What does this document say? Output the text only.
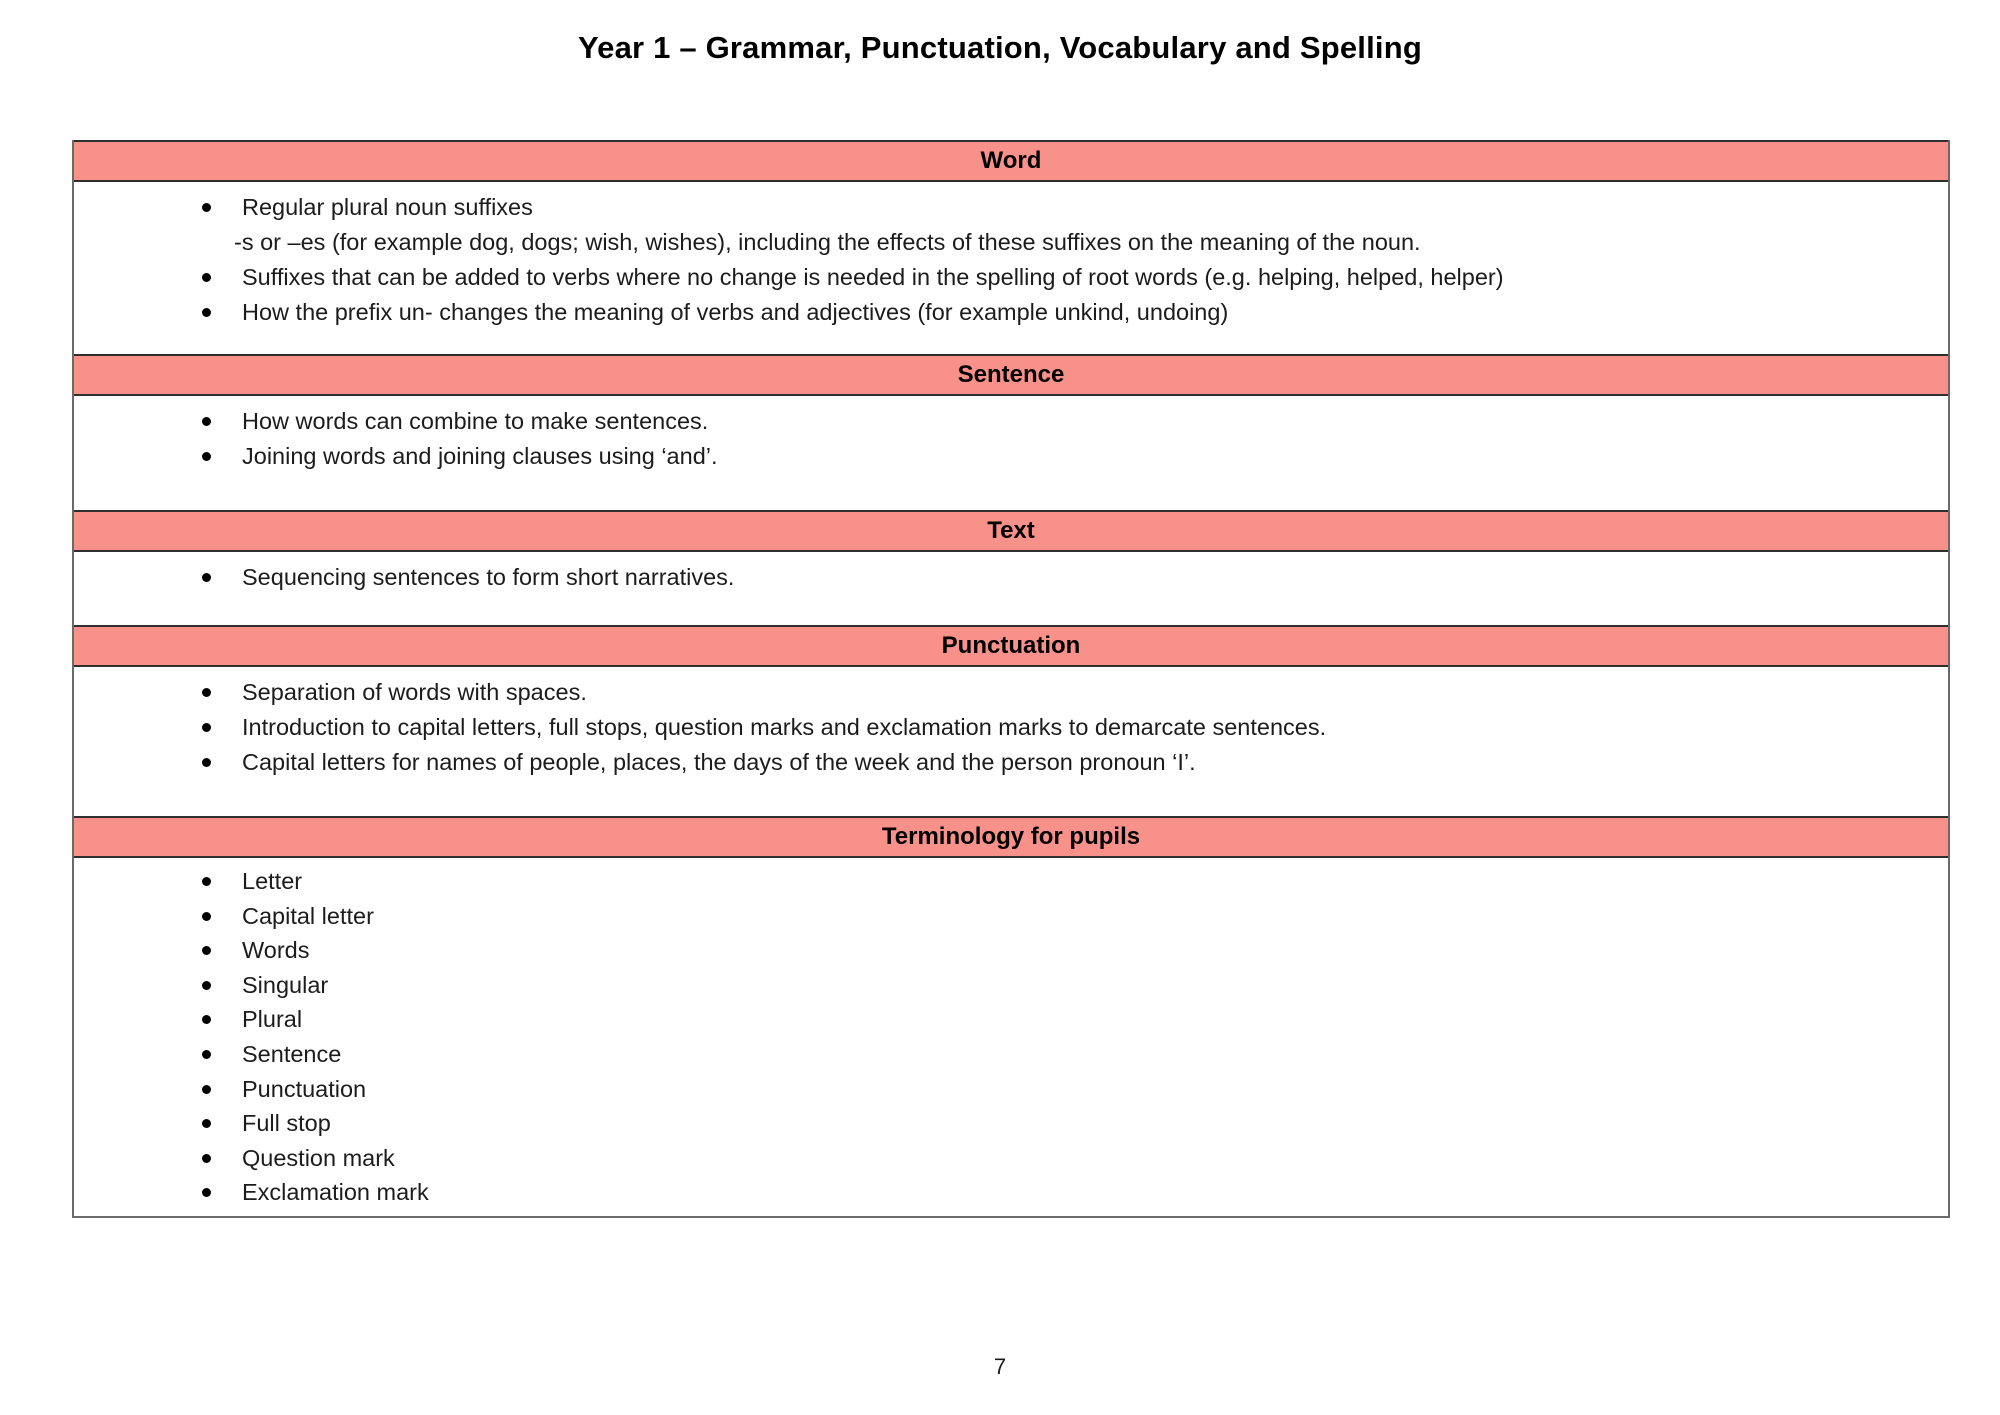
Year 1 – Grammar, Punctuation, Vocabulary and Spelling
Word
Regular plural noun suffixes
-s or –es (for example dog, dogs; wish, wishes), including the effects of these suffixes on the meaning of the noun.
Suffixes that can be added to verbs where no change is needed in the spelling of root words (e.g. helping, helped, helper)
How the prefix un- changes the meaning of verbs and adjectives (for example unkind, undoing)
Sentence
How words can combine to make sentences.
Joining words and joining clauses using ‘and’.
Text
Sequencing sentences to form short narratives.
Punctuation
Separation of words with spaces.
Introduction to capital letters, full stops, question marks and exclamation marks to demarcate sentences.
Capital letters for names of people, places, the days of the week and the person pronoun ‘I’.
Terminology for pupils
Letter
Capital letter
Words
Singular
Plural
Sentence
Punctuation
Full stop
Question mark
Exclamation mark
7
